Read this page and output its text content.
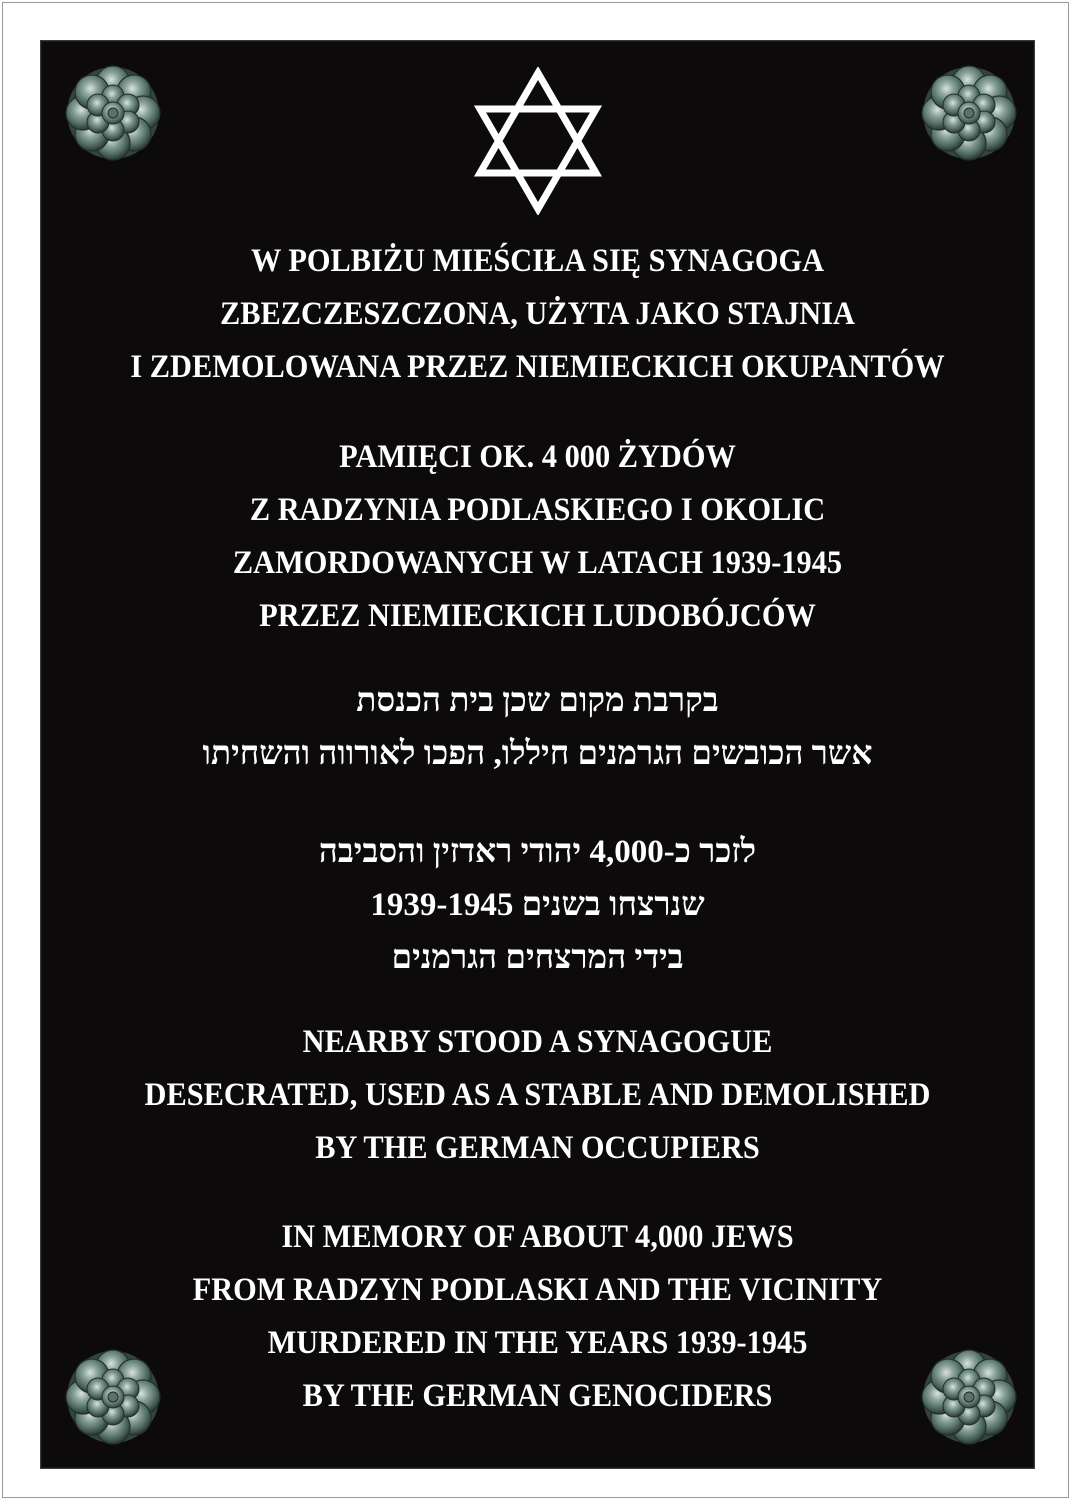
W POLBIŻU MIEŚCIŁA SIĘ SYNAGOGA
ZBEZCZESZCZONA, UŻYTA JAKO STAJNIA
I ZDEMOLOWANA PRZEZ NIEMIECKICH OKUPANTÓW
PAMIĘCI OK. 4 000 ŻYDÓW
Z RADZYNIA PODLASKIEGO I OKOLIC
ZAMORDOWANYCH W LATACH 1939-1945
PRZEZ NIEMIECKICH LUDOBÓJCÓW
בקרבת מקום שכן בית הכנסת
אשר הכובשים הגרמנים חיללו, הפכו לאורווה והשחיתו
לזכר כ-4,000 יהודי ראדזין והסביבה
שנרצחו בשנים 1939-1945
בידי המרצחים הגרמנים
NEARBY STOOD A SYNAGOGUE
DESECRATED, USED AS A STABLE AND DEMOLISHED
BY THE GERMAN OCCUPIERS
IN MEMORY OF ABOUT 4,000 JEWS
FROM RADZYN PODLASKI AND THE VICINITY
MURDERED IN THE YEARS 1939-1945
BY THE GERMAN GENOCIDERS
